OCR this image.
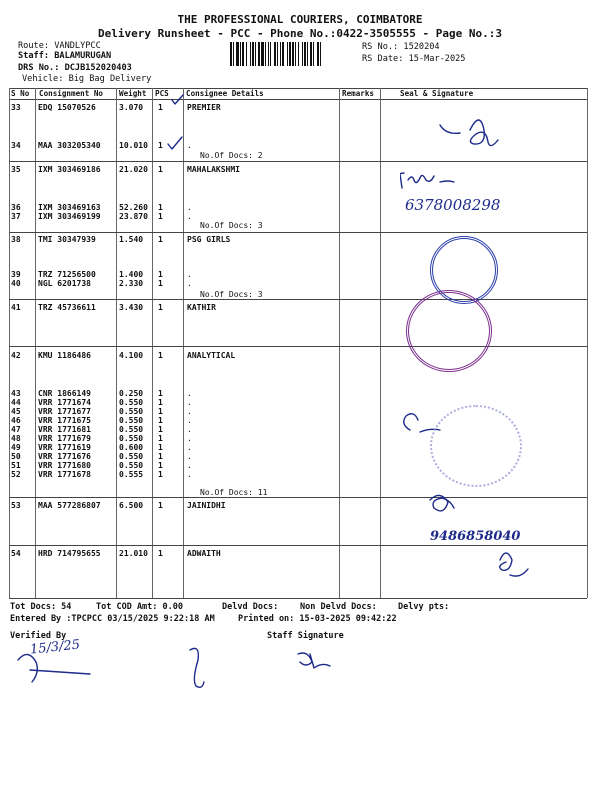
THE PROFESSIONAL COURIERS, COIMBATORE
Delivery Runsheet - PCC - Phone No.:0422-3505555 - Page No.:3
Route: VANDLYPCC
Staff: BALAMURUGAN
DRS No.: DCJB152020403
Vehicle: Big Bag Delivery
RS No.: 1520204
RS Date: 15-Mar-2025
S No Consignment No Weight PCS Consignee Details	Remarks	Seal & Signature
33 EDQ 15070526	3.070 1	PREMIER
34 MAA 303205340 10.010 1	.
35 IXM 303469186 21.020 1	MAHALAKSHMI
36 IXM 303469163 52.260 1	.
37 IXM 303469199 23.870 1	.
38 TMI 30347939	1.540 1	PSG GIRLS
39 TRZ 71256500	1.400 1	.
40 NGL 6201738	2.330 1	.
41 TRZ 45736611	3.430 1	KATHIR
42 KMU 1186486	4.100 1	ANALYTICAL
43 CNR 1866149	0.250 1	.
44 VRR 1771674	0.550 1	.
45 VRR 1771677	0.550 1	.
46 VRR 1771675	0.550 1	.
47 VRR 1771681	0.550 1	.
48 VRR 1771679	0.550 1	.
49 VRR 1771619	0.600 1	.
50 VRR 1771676	0.550 1	.
51 VRR 1771680	0.550 1	.
52 VRR 1771678	0.555 1	.
53 MAA 577286807 6.500 1	JAINIDHI
54 HRD 714795655 21.010 1	ADWAITH
No.Of Docs: 2
No.Of Docs: 3
No.Of Docs: 3
No.Of Docs: 11
6378008298
9486858040
Tot Docs: 54	Tot COD Amt: 0.00	Delvd Docs:	Non Delvd Docs: Delvy pts:
Entered By :TPCPCC 03/15/2025 9:22:18 AM	Printed on: 15-03-2025 09:42:22
Verified By	Staff Signature
15/3/25
